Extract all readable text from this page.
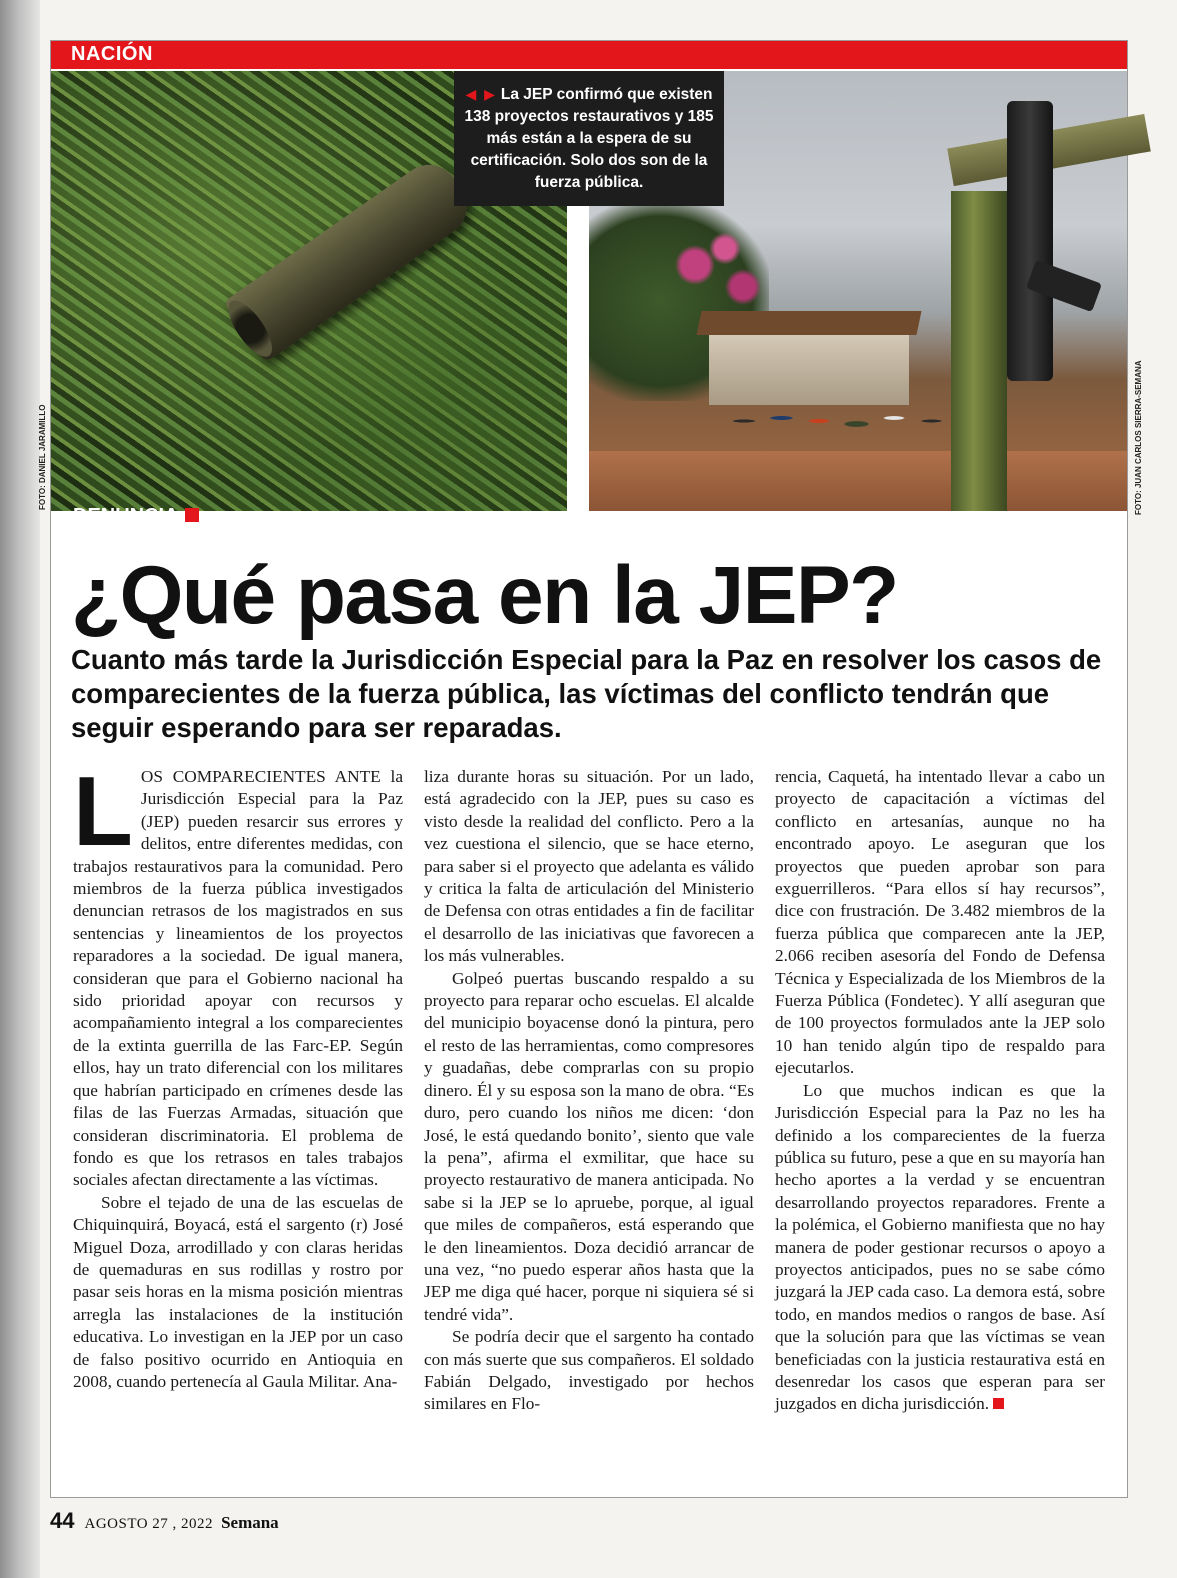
NACIÓN
DENUNCIA
◀ ▶ La JEP confirmó que existen 138 proyectos restaurativos y 185 más están a la espera de su certificación. Solo dos son de la fuerza pública.
¿Qué pasa en la JEP?
Cuanto más tarde la Jurisdicción Especial para la Paz en resolver los casos de comparecientes de la fuerza pública, las víctimas del conflicto tendrán que seguir esperando para ser reparadas.

LOS COMPARECIENTES ANTE la Jurisdicción Especial para la Paz (JEP) pueden resarcir sus errores y delitos, entre diferentes medidas, con trabajos restaurativos para la comunidad. Pero miembros de la fuerza pública investigados denuncian retrasos de los magistrados en sus sentencias y lineamientos de los proyectos reparadores a la sociedad. De igual manera, consideran que para el Gobierno nacional ha sido prioridad apoyar con recursos y acompañamiento integral a los comparecientes de la extinta guerrilla de las Farc-EP. Según ellos, hay un trato diferencial con los militares que habrían participado en crímenes desde las filas de las Fuerzas Armadas, situación que consideran discriminatoria. El problema de fondo es que los retrasos en tales trabajos sociales afectan directamente a las víctimas.

Sobre el tejado de una de las escuelas de Chiquinquirá, Boyacá, está el sargento (r) José Miguel Doza, arrodillado y con claras heridas de quemaduras en sus rodillas y rostro por pasar seis horas en la misma posición mientras arregla las instalaciones de la institución educativa. Lo investigan en la JEP por un caso de falso positivo ocurrido en Antioquia en 2008, cuando pertenecía al Gaula Militar. Ana-

liza durante horas su situación. Por un lado, está agradecido con la JEP, pues su caso es visto desde la realidad del conflicto. Pero a la vez cuestiona el silencio, que se hace eterno, para saber si el proyecto que adelanta es válido y critica la falta de articulación del Ministerio de Defensa con otras entidades a fin de facilitar el desarrollo de las iniciativas que favorecen a los más vulnerables.

Golpeó puertas buscando respaldo a su proyecto para reparar ocho escuelas. El alcalde del municipio boyacense donó la pintura, pero el resto de las herramientas, como compresores y guadañas, debe comprarlas con su propio dinero. Él y su esposa son la mano de obra. “Es duro, pero cuando los niños me dicen: ‘don José, le está quedando bonito’, siento que vale la pena”, afirma el exmilitar, que hace su proyecto restaurativo de manera anticipada. No sabe si la JEP se lo apruebe, porque, al igual que miles de compañeros, está esperando que le den lineamientos. Doza decidió arrancar de una vez, “no puedo esperar años hasta que la JEP me diga qué hacer, porque ni siquiera sé si tendré vida”.

Se podría decir que el sargento ha contado con más suerte que sus compañeros. El soldado Fabián Delgado, investigado por hechos similares en Flo-

rencia, Caquetá, ha intentado llevar a cabo un proyecto de capacitación a víctimas del conflicto en artesanías, aunque no ha encontrado apoyo. Le aseguran que los proyectos que pueden aprobar son para exguerrilleros. “Para ellos sí hay recursos”, dice con frustración. De 3.482 miembros de la fuerza pública que comparecen ante la JEP, 2.066 reciben asesoría del Fondo de Defensa Técnica y Especializada de los Miembros de la Fuerza Pública (Fondetec). Y allí aseguran que de 100 proyectos formulados ante la JEP solo 10 han tenido algún tipo de respaldo para ejecutarlos.

Lo que muchos indican es que la Jurisdicción Especial para la Paz no les ha definido a los comparecientes de la fuerza pública su futuro, pese a que en su mayoría han hecho aportes a la verdad y se encuentran desarrollando proyectos reparadores. Frente a la polémica, el Gobierno manifiesta que no hay manera de poder gestionar recursos o apoyo a proyectos anticipados, pues no se sabe cómo juzgará la JEP cada caso. La demora está, sobre todo, en mandos medios o rangos de base. Así que la solución para que las víctimas se vean beneficiadas con la justicia restaurativa está en desenredar los casos que esperan para ser juzgados en dicha jurisdicción.

FOTO: DANIEL JARAMILLO	FOTO: JUAN CARLOS SIERRA-SEMANA
44 AGOSTO 27 , 2022 Semana
